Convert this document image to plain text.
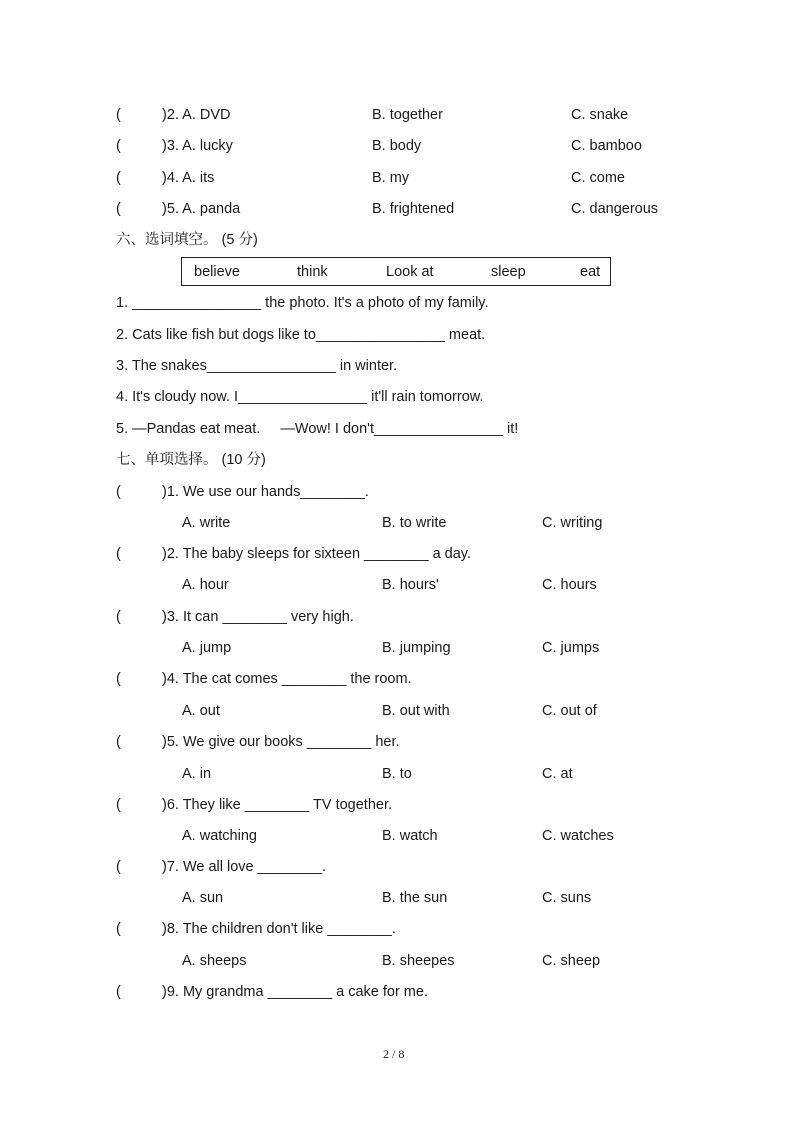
(	)2. A. DVD	B. together	C. snake
(	)3. A. lucky	B. body	C. bamboo
(	)4. A. its	B. my	C. come
(	)5. A. panda	B. frightened	C. dangerous
六、选词填空。 (5 分)
believe	think	Look at	sleep	eat
1. ________________ the photo. It's a photo of my family.
2. Cats like fish but dogs like to________________ meat.
3. The snakes________________ in winter.
4. It's cloudy now. I________________ it'll rain tomorrow.
5. —Pandas eat meat.     —Wow! I don't________________ it!
七、单项选择。 (10 分)
(	)1. We use our hands________.
A. write	B. to write	C. writing
(	)2. The baby sleeps for sixteen ________ a day.
A. hour	B. hours'	C. hours
(	)3. It can ________ very high.
A. jump	B. jumping	C. jumps
(	)4. The cat comes ________ the room.
A. out	B. out with	C. out of
(	)5. We give our books ________ her.
A. in	B. to	C. at
(	)6. They like ________ TV together.
A. watching	B. watch	C. watches
(	)7. We all love ________.
A. sun	B. the sun	C. suns
(	)8. The children don't like ________.
A. sheeps	B. sheepes	C. sheep
(	)9. My grandma ________ a cake for me.
2 / 8
